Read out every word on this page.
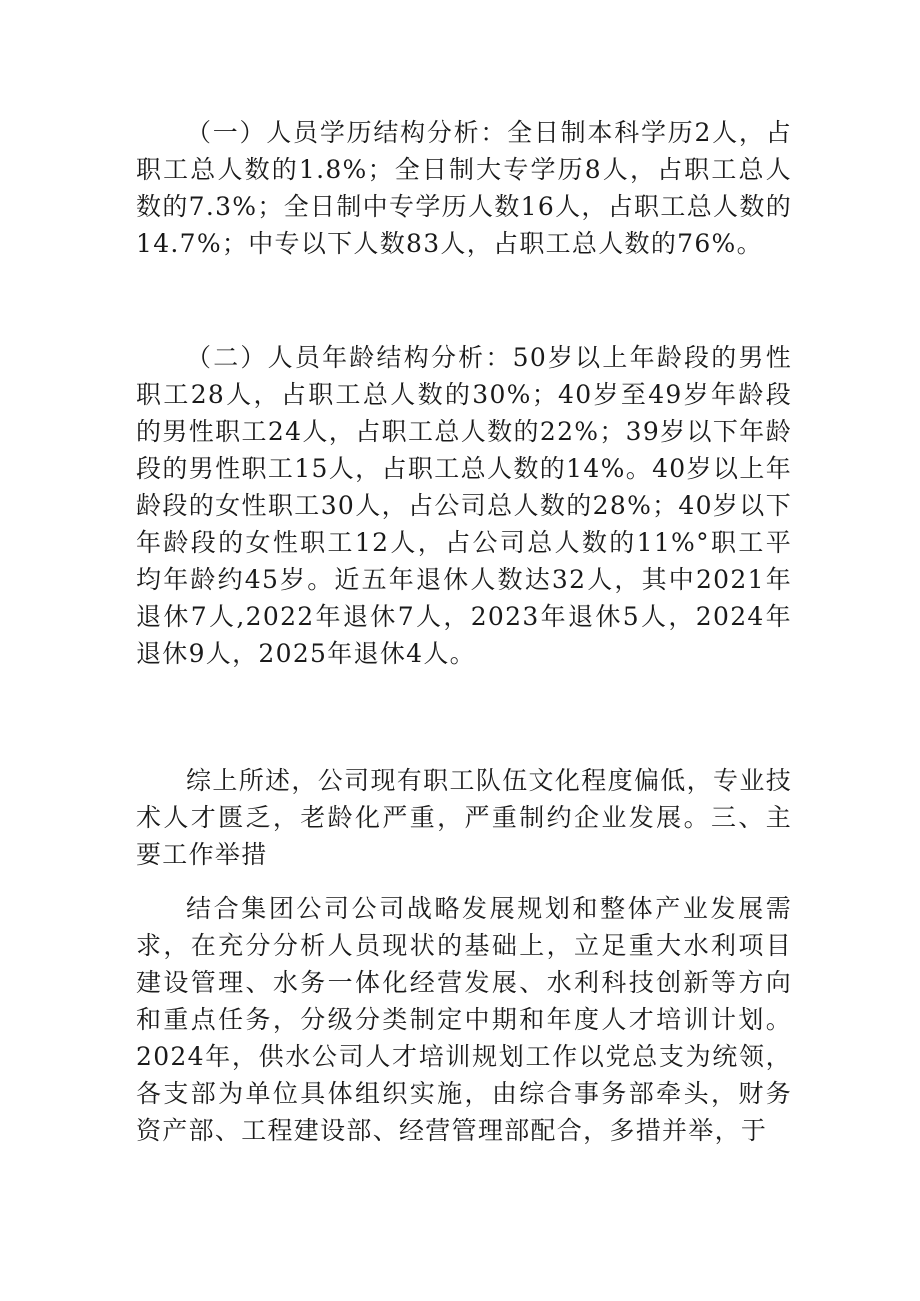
（一）人员学历结构分析：全日制本科学历2人，占职工总人数的1.8%；全日制大专学历8人，占职工总人数的7.3%；全日制中专学历人数16人，占职工总人数的14.7%；中专以下人数83人，占职工总人数的76%。

（二）人员年龄结构分析：50岁以上年龄段的男性职工28人，占职工总人数的30%；40岁至49岁年龄段的男性职工24人，占职工总人数的22%；39岁以下年龄段的男性职工15人，占职工总人数的14%。40岁以上年龄段的女性职工30人，占公司总人数的28%；40岁以下年龄段的女性职工12人，占公司总人数的11%°职工平均年龄约45岁。近五年退休人数达32人，其中2021年退休7人,2022年退休7人，2023年退休5人，2024年退休9人，2025年退休4人。

综上所述，公司现有职工队伍文化程度偏低，专业技术人才匮乏，老龄化严重，严重制约企业发展。三、主要工作举措

结合集团公司公司战略发展规划和整体产业发展需求，在充分分析人员现状的基础上，立足重大水利项目建设管理、水务一体化经营发展、水利科技创新等方向和重点任务，分级分类制定中期和年度人才培训计划。2024年，供水公司人才培训规划工作以党总支为统领，各支部为单位具体组织实施，由综合事务部牵头，财务资产部、工程建设部、经营管理部配合，多措并举，于
